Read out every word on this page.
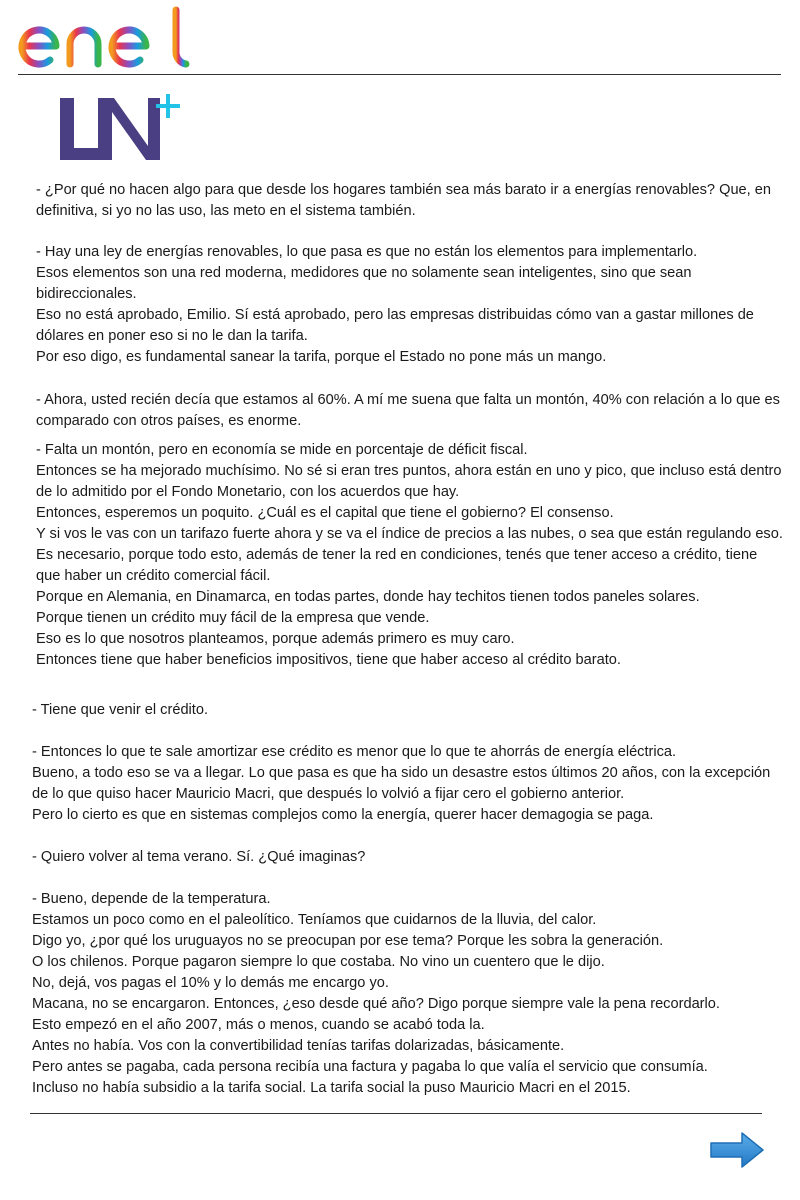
- ¿Por qué no hacen algo para que desde los hogares también sea más barato ir a energías renovables? Que, en definitiva, si yo no las uso, las meto en el sistema también.

- Hay una ley de energías renovables, lo que pasa es que no están los elementos para implementarlo.

Esos elementos son una red moderna, medidores que no solamente sean inteligentes, sino que sean bidireccionales.

Eso no está aprobado, Emilio. Sí está aprobado, pero las empresas distribuidas cómo van a gastar millones de dólares en poner eso si no le dan la tarifa.

Por eso digo, es fundamental sanear la tarifa, porque el Estado no pone más un mango.

- Ahora, usted recién decía que estamos al 60%. A mí me suena que falta un montón, 40% con relación a lo que es comparado con otros países, es enorme.

- Falta un montón, pero en economía se mide en porcentaje de déficit fiscal.

Entonces se ha mejorado muchísimo. No sé si eran tres puntos, ahora están en uno y pico, que incluso está dentro de lo admitido por el Fondo Monetario, con los acuerdos que hay.

Entonces, esperemos un poquito. ¿Cuál es el capital que tiene el gobierno? El consenso.

Y si vos le vas con un tarifazo fuerte ahora y se va el índice de precios a las nubes, o sea que están regulando eso.

Es necesario, porque todo esto, además de tener la red en condiciones, tenés que tener acceso a crédito, tiene que haber un crédito comercial fácil.

Porque en Alemania, en Dinamarca, en todas partes, donde hay techitos tienen todos paneles solares.

Porque tienen un crédito muy fácil de la empresa que vende.

Eso es lo que nosotros planteamos, porque además primero es muy caro.

Entonces tiene que haber beneficios impositivos, tiene que haber acceso al crédito barato.

- Tiene que venir el crédito.

- Entonces lo que te sale amortizar ese crédito es menor que lo que te ahorrás de energía eléctrica.

Bueno, a todo eso se va a llegar. Lo que pasa es que ha sido un desastre estos últimos 20 años, con la excepción de lo que quiso hacer Mauricio Macri, que después lo volvió a fijar cero el gobierno anterior.

Pero lo cierto es que en sistemas complejos como la energía, querer hacer demagogia se paga.

- Quiero volver al tema verano. Sí. ¿Qué imaginas?

- Bueno, depende de la temperatura.

Estamos un poco como en el paleolítico. Teníamos que cuidarnos de la lluvia, del calor.

Digo yo, ¿por qué los uruguayos no se preocupan por ese tema? Porque les sobra la generación.

O los chilenos. Porque pagaron siempre lo que costaba. No vino un cuentero que le dijo.

No, dejá, vos pagas el 10% y lo demás me encargo yo.

Macana, no se encargaron. Entonces, ¿eso desde qué año? Digo porque siempre vale la pena recordarlo.

Esto empezó en el año 2007, más o menos, cuando se acabó toda la.

Antes no había. Vos con la convertibilidad tenías tarifas dolarizadas, básicamente.

Pero antes se pagaba, cada persona recibía una factura y pagaba lo que valía el servicio que consumía.

Incluso no había subsidio a la tarifa social. La tarifa social la puso Mauricio Macri en el 2015.
